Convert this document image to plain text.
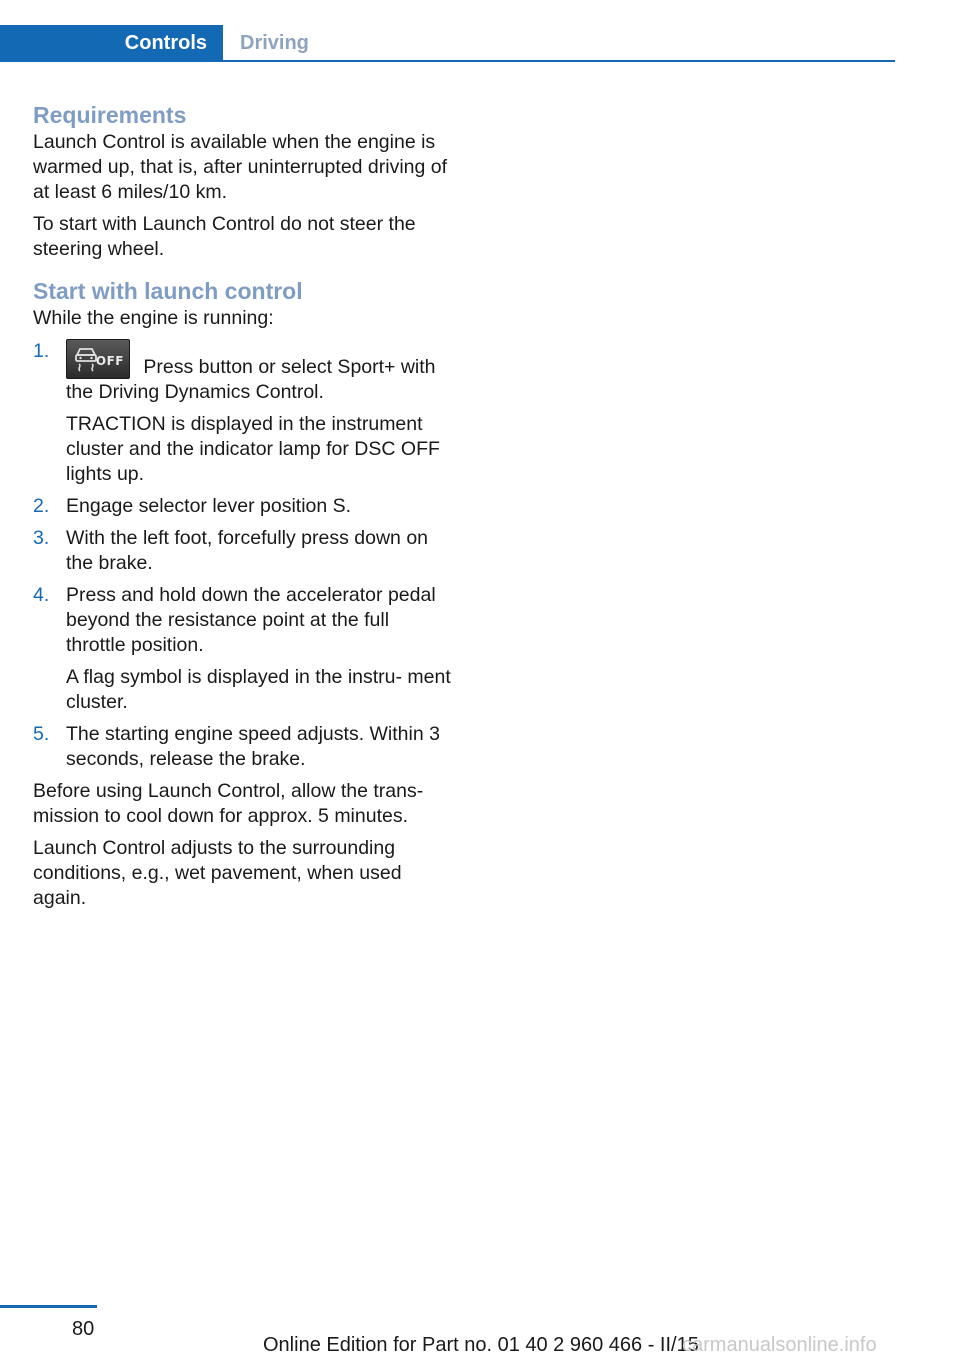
Controls	Driving
Requirements

Launch Control is available when the engine is warmed up, that is, after uninterrupted driving of at least 6 miles/10 km.

To start with Launch Control do not steer the steering wheel.

Start with launch control

While the engine is running:

1.	OFF Press button or select Sport+ with the Driving Dynamics Control.
TRACTION is displayed in the instrument cluster and the indicator lamp for DSC OFF lights up.
2. Engage selector lever position S.
3. With the left foot, forcefully press down on the brake.
4. Press and hold down the accelerator pedal beyond the resistance point at the full throttle position.
A flag symbol is displayed in the instru‐ ment cluster.
5. The starting engine speed adjusts. Within 3 seconds, release the brake.

Before using Launch Control, allow the trans‐ mission to cool down for approx. 5 minutes.

Launch Control adjusts to the surrounding conditions, e.g., wet pavement, when used again.

80
Online Edition for Part no. 01 40 2 960 466 - II/15
carmanualsonline.info
